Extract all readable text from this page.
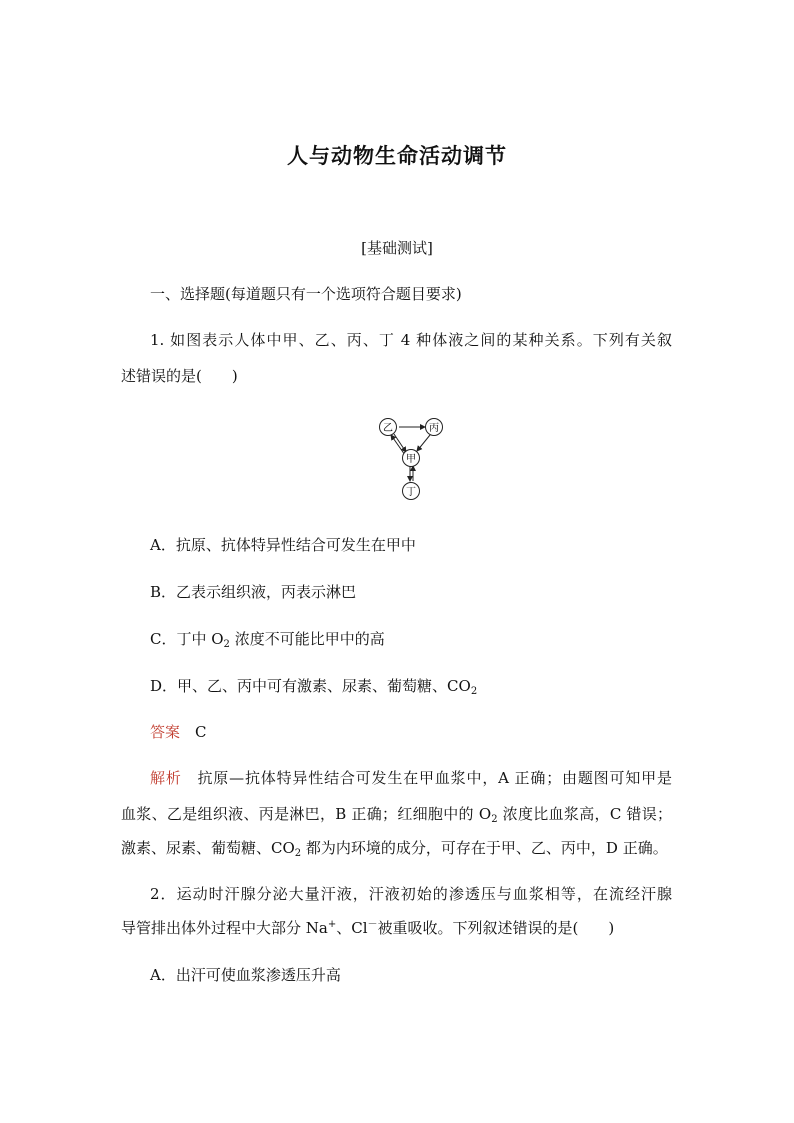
人与动物生命活动调节
[基础测试]
一、选择题(每道题只有一个选项符合题目要求)
1. 如图表示人体中甲、乙、丙、丁 4 种体液之间的某种关系。下列有关叙
述错误的是(　　)
乙	丙
甲
丁
A．抗原、抗体特异性结合可发生在甲中
B．乙表示组织液，丙表示淋巴
C．丁中 $O_2$ 浓度不可能比甲中的高
D．甲、乙、丙中可有激素、尿素、葡萄糖、$CO_2$
答案　 C
解析　 抗原—抗体特异性结合可发生在甲血浆中，A 正确；由题图可知甲是
血浆、乙是组织液、丙是淋巴，B 正确；红细胞中的 $O_2$ 浓度比血浆高，C 错误；
激素、尿素、葡萄糖、$CO_2$ 都为内环境的成分，可存在于甲、乙、丙中，D 正确。
2．运动时汗腺分泌大量汗液，汗液初始的渗透压与血浆相等，在流经汗腺
导管排出体外过程中大部分 Na+、Cl－被重吸收。下列叙述错误的是(　　)
A．出汗可使血浆渗透压升高
